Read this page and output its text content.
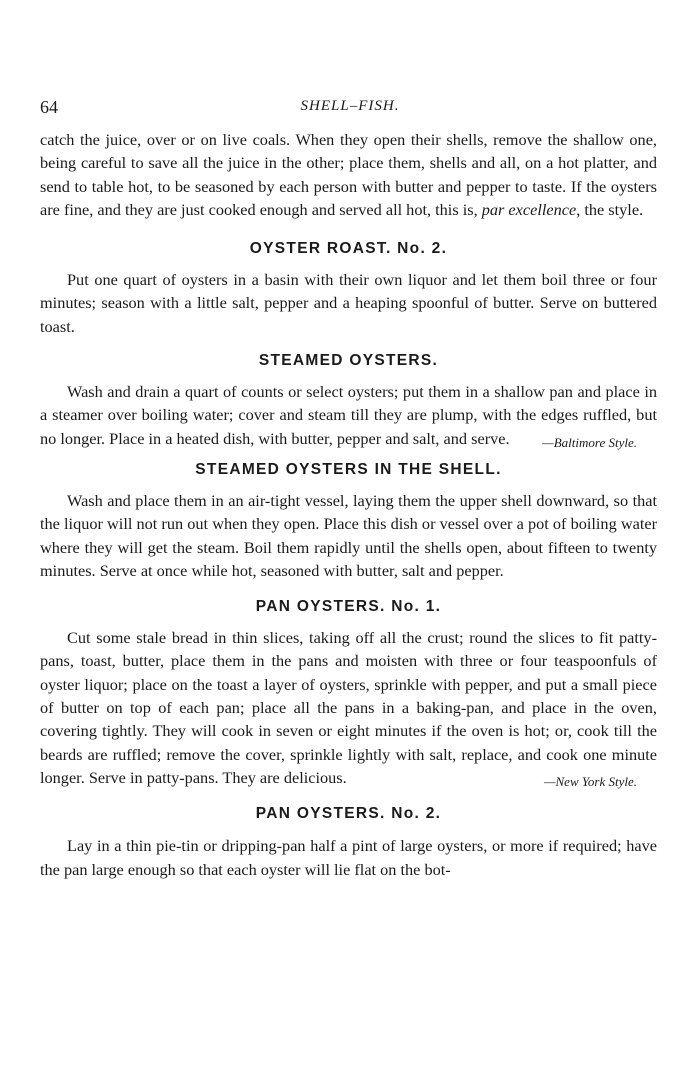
64	SHELL–FISH.

catch the juice, over or on live coals. When they open their shells, remove the shallow one, being careful to save all the juice in the other; place them, shells and all, on a hot platter, and send to table hot, to be seasoned by each person with butter and pepper to taste. If the oysters are fine, and they are just cooked enough and served all hot, this is, par excellence, the style.

OYSTER ROAST. No. 2.

Put one quart of oysters in a basin with their own liquor and let them boil three or four minutes; season with a little salt, pepper and a heaping spoonful of butter. Serve on buttered toast.

STEAMED OYSTERS.

Wash and drain a quart of counts or select oysters; put them in a shallow pan and place in a steamer over boiling water; cover and steam till they are plump, with the edges ruffled, but no longer. Place in a heated dish, with butter, pepper and salt, and serve.	—Baltimore Style.

STEAMED OYSTERS IN THE SHELL.

Wash and place them in an air-tight vessel, laying them the upper shell downward, so that the liquor will not run out when they open. Place this dish or vessel over a pot of boiling water where they will get the steam. Boil them rapidly until the shells open, about fifteen to twenty minutes. Serve at once while hot, seasoned with butter, salt and pepper.

PAN OYSTERS. No. 1.

Cut some stale bread in thin slices, taking off all the crust; round the slices to fit patty-pans, toast, butter, place them in the pans and moisten with three or four teaspoonfuls of oyster liquor; place on the toast a layer of oysters, sprinkle with pepper, and put a small piece of butter on top of each pan; place all the pans in a baking-pan, and place in the oven, covering tightly. They will cook in seven or eight minutes if the oven is hot; or, cook till the beards are ruffled; remove the cover, sprinkle lightly with salt, replace, and cook one minute longer. Serve in patty-pans. They are delicious.	—New York Style.

PAN OYSTERS. No. 2.

Lay in a thin pie-tin or dripping-pan half a pint of large oysters, or more if required; have the pan large enough so that each oyster will lie flat on the bot-
